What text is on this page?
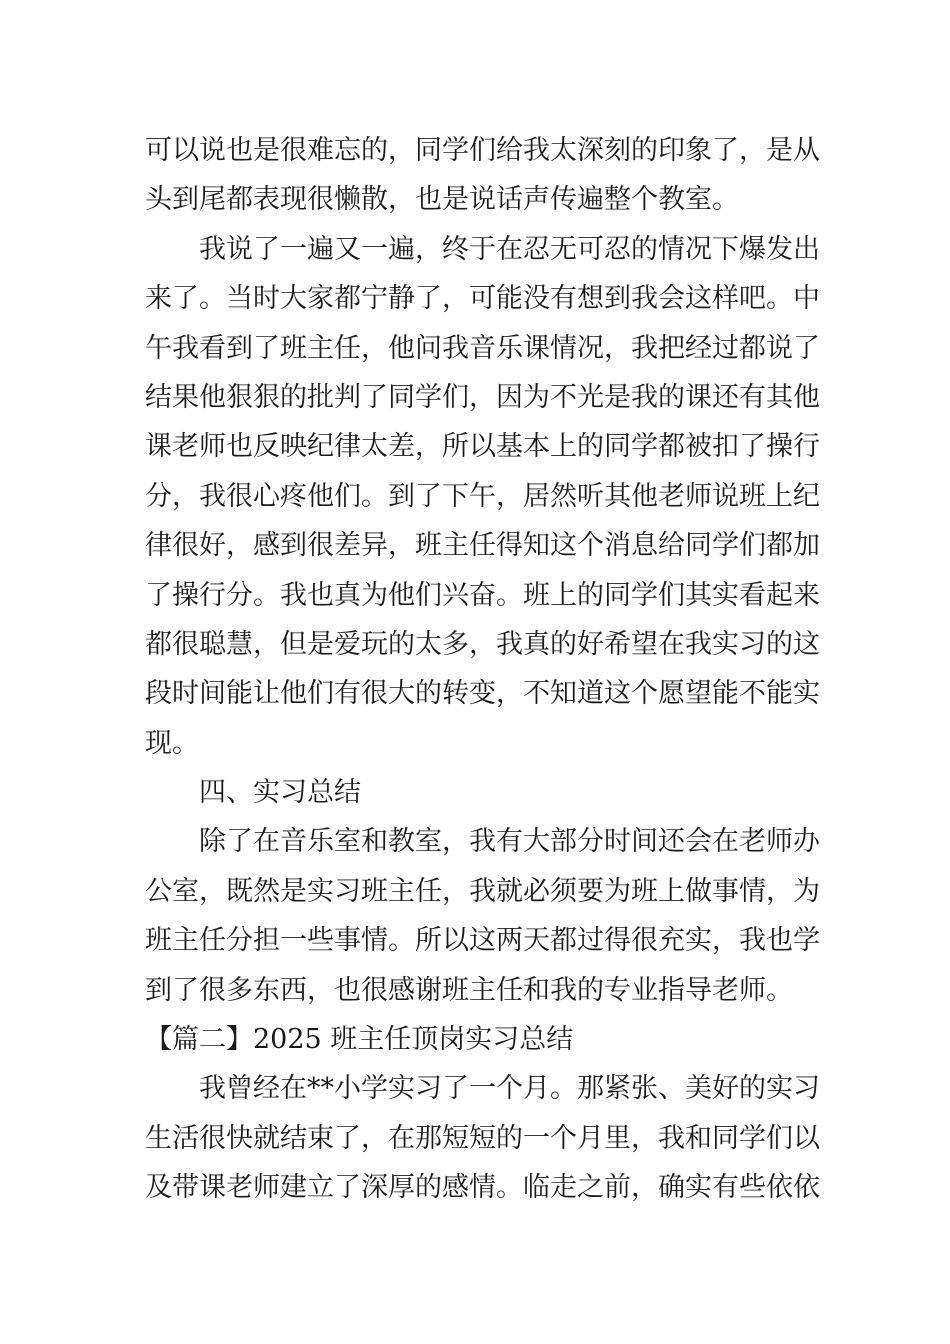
可以说也是很难忘的，同学们给我太深刻的印象了，是从
头到尾都表现很懒散，也是说话声传遍整个教室。
我说了一遍又一遍，终于在忍无可忍的情况下爆发出
来了。当时大家都宁静了，可能没有想到我会这样吧。中
午我看到了班主任，他问我音乐课情况，我把经过都说了
结果他狠狠的批判了同学们，因为不光是我的课还有其他
课老师也反映纪律太差，所以基本上的同学都被扣了操行
分，我很心疼他们。到了下午，居然听其他老师说班上纪
律很好，感到很差异，班主任得知这个消息给同学们都加
了操行分。我也真为他们兴奋。班上的同学们其实看起来
都很聪慧，但是爱玩的太多，我真的好希望在我实习的这
段时间能让他们有很大的转变，不知道这个愿望能不能实
现。
四、实习总结
除了在音乐室和教室，我有大部分时间还会在老师办
公室，既然是实习班主任，我就必须要为班上做事情，为
班主任分担一些事情。所以这两天都过得很充实，我也学
到了很多东西，也很感谢班主任和我的专业指导老师。
【篇二】2025 班主任顶岗实习总结
我曾经在**小学实习了一个月。那紧张、美好的实习
生活很快就结束了，在那短短的一个月里，我和同学们以
及带课老师建立了深厚的感情。临走之前，确实有些依依
